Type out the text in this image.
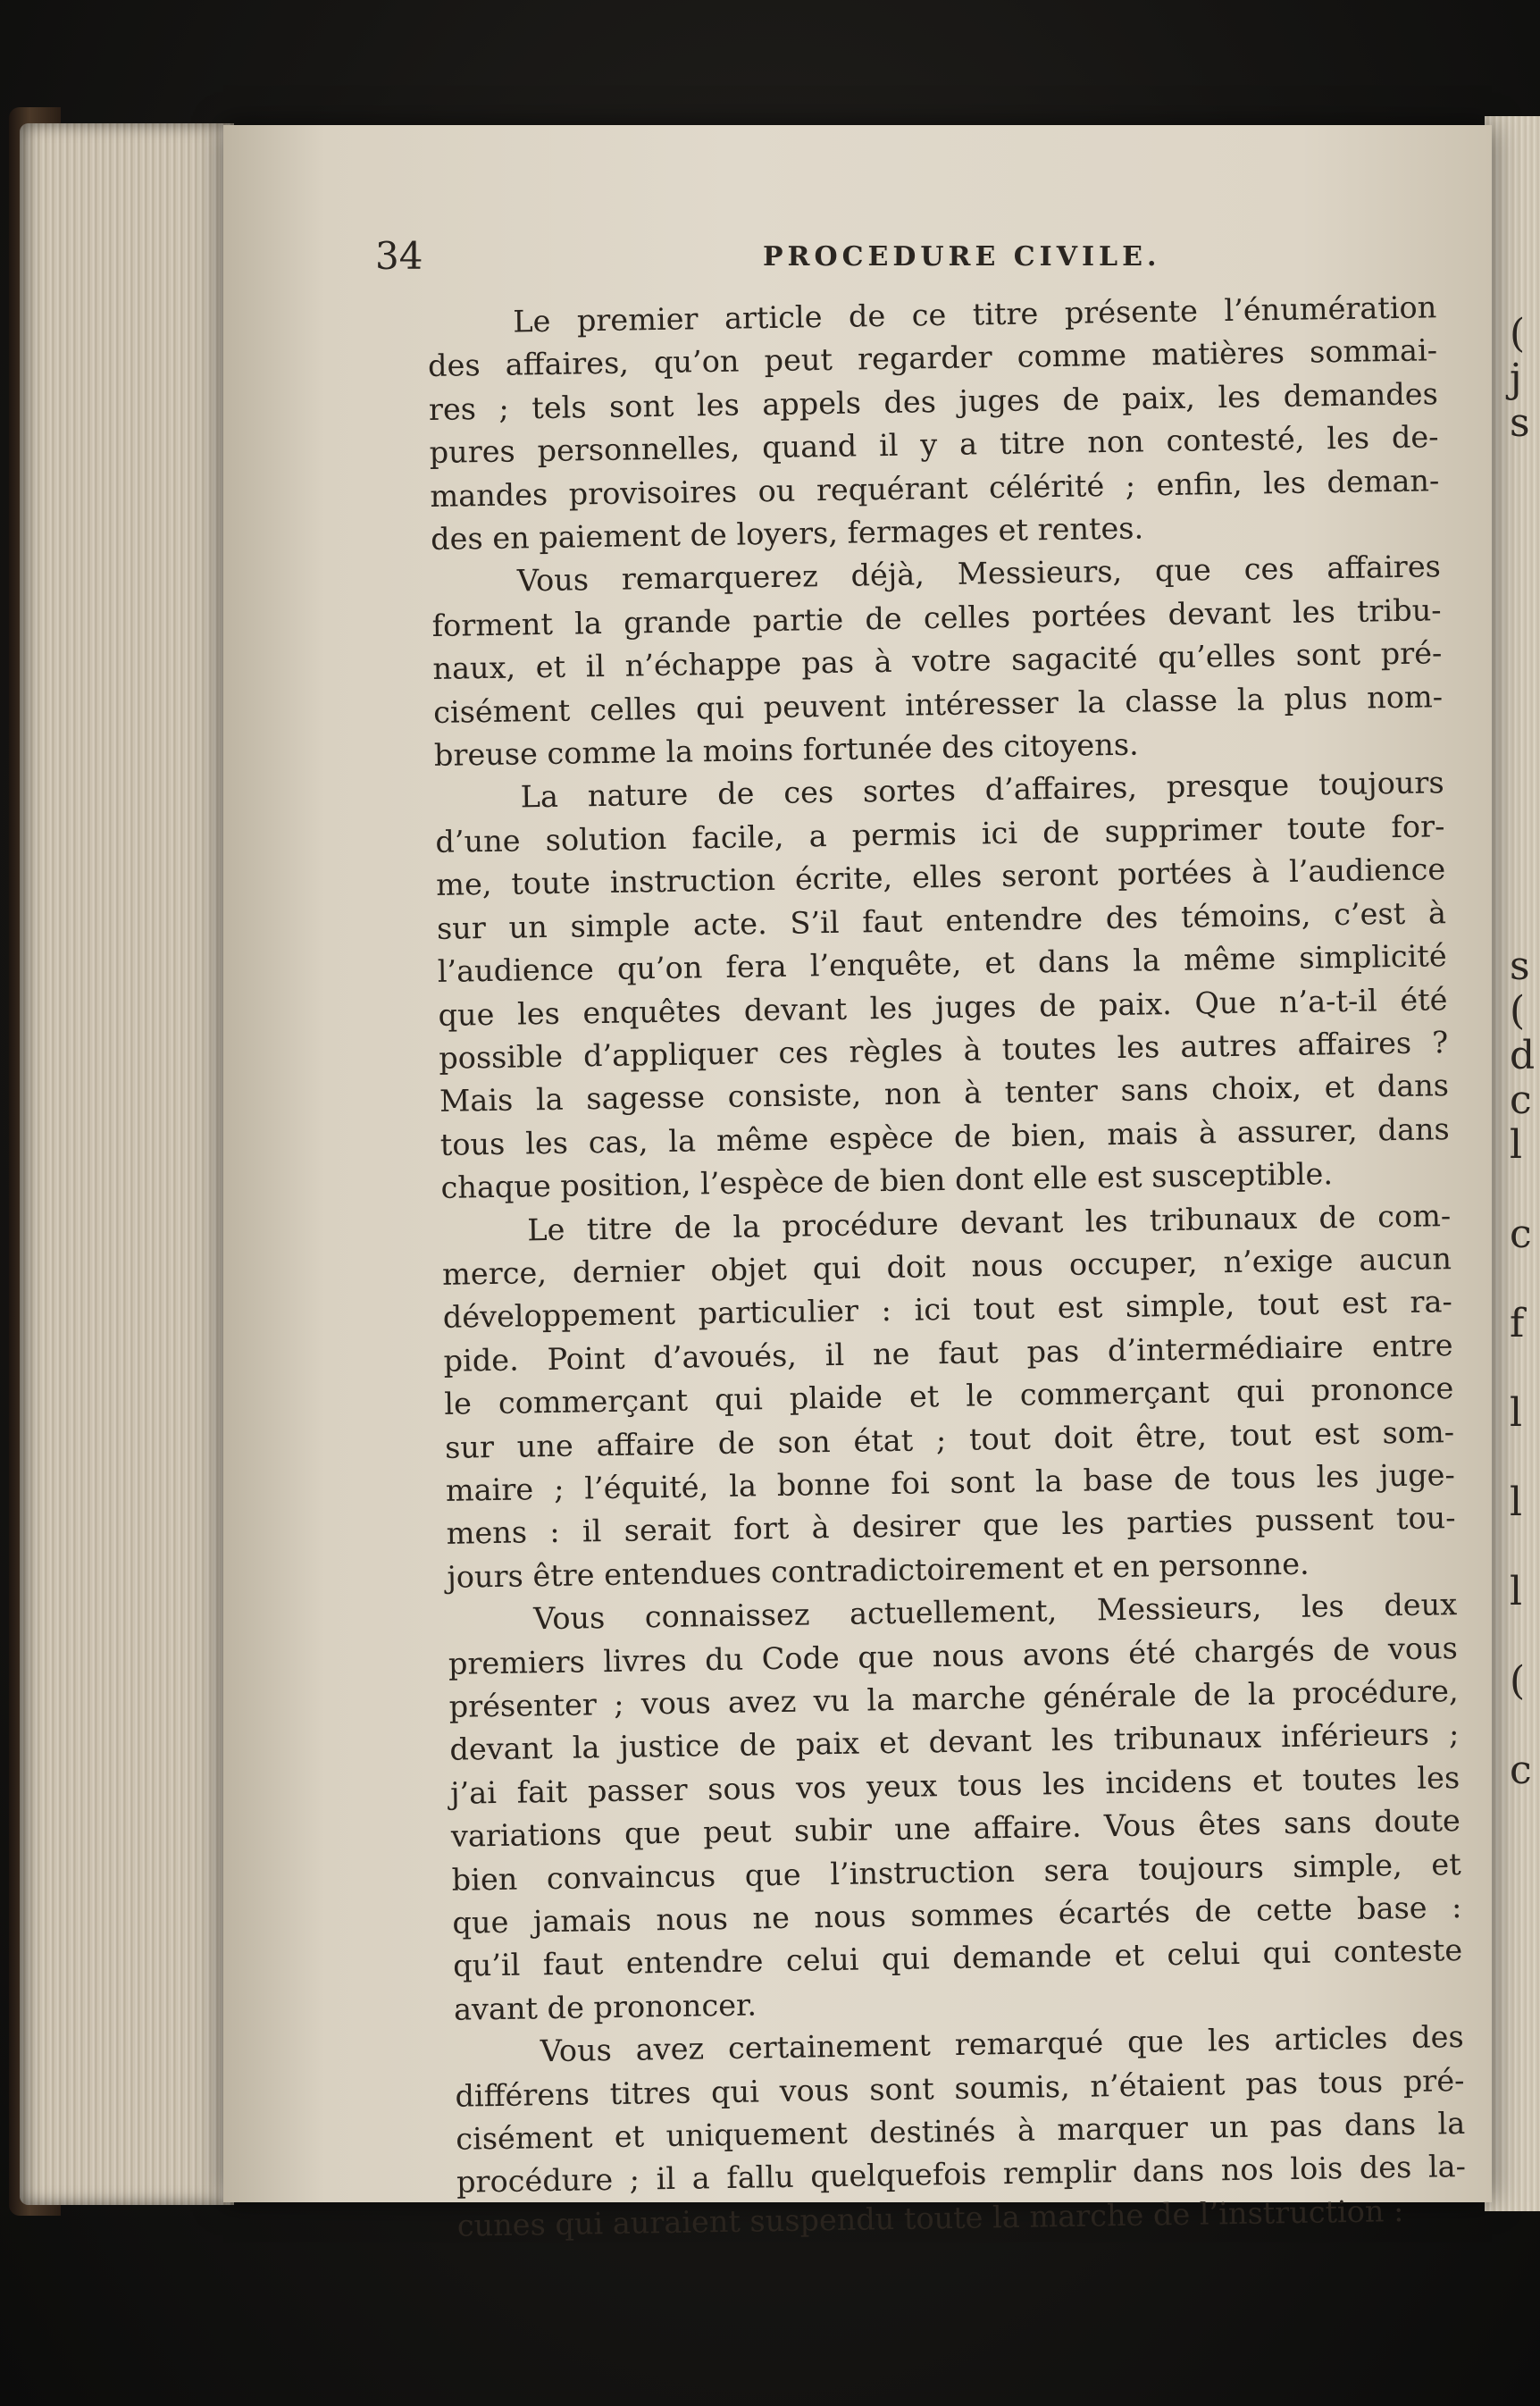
34	PROCEDURE CIVILE.

Le premier article de ce titre présente l’énumération
des affaires, qu’on peut regarder comme matières sommai-
res ; tels sont les appels des juges de paix, les demandes
pures personnelles, quand il y a titre non contesté, les de-
mandes provisoires ou requérant célérité ; enfin, les deman-
des en paiement de loyers, fermages et rentes.

Vous remarquerez déjà, Messieurs, que ces affaires
forment la grande partie de celles portées devant les tribu-
naux, et il n’échappe pas à votre sagacité qu’elles sont pré-
cisément celles qui peuvent intéresser la classe la plus nom-
breuse comme la moins fortunée des citoyens.

La nature de ces sortes d’affaires, presque toujours
d’une solution facile, a permis ici de supprimer toute for-
me, toute instruction écrite, elles seront portées à l’audience
sur un simple acte. S’il faut entendre des témoins, c’est à
l’audience qu’on fera l’enquête, et dans la même simplicité
que les enquêtes devant les juges de paix. Que n’a-t-il été
possible d’appliquer ces règles à toutes les autres affaires ?
Mais la sagesse consiste, non à tenter sans choix, et dans
tous les cas, la même espèce de bien, mais à assurer, dans
chaque position, l’espèce de bien dont elle est susceptible.

Le titre de la procédure devant les tribunaux de com-
merce, dernier objet qui doit nous occuper, n’exige aucun
développement particulier : ici tout est simple, tout est ra-
pide. Point d’avoués, il ne faut pas d’intermédiaire entre
le commerçant qui plaide et le commerçant qui prononce
sur une affaire de son état ; tout doit être, tout est som-
maire ; l’équité, la bonne foi sont la base de tous les juge-
mens : il serait fort à desirer que les parties pussent tou-
jours être entendues contradictoirement et en personne.

Vous connaissez actuellement, Messieurs, les deux
premiers livres du Code que nous avons été chargés de vous
présenter ; vous avez vu la marche générale de la procédure,
devant la justice de paix et devant les tribunaux inférieurs ;
j’ai fait passer sous vos yeux tous les incidens et toutes les
variations que peut subir une affaire. Vous êtes sans doute
bien convaincus que l’instruction sera toujours simple, et
que jamais nous ne nous sommes écartés de cette base :
qu’il faut entendre celui qui demande et celui qui conteste
avant de prononcer.

Vous avez certainement remarqué que les articles des
différens titres qui vous sont soumis, n’étaient pas tous pré-
cisément et uniquement destinés à marquer un pas dans la
procédure ; il a fallu quelquefois remplir dans nos lois des la-
cunes qui auraient suspendu toute la marche de l’instruction :

(
j
s
s
(
d
c
l
c
f
l
l
l
(
c
